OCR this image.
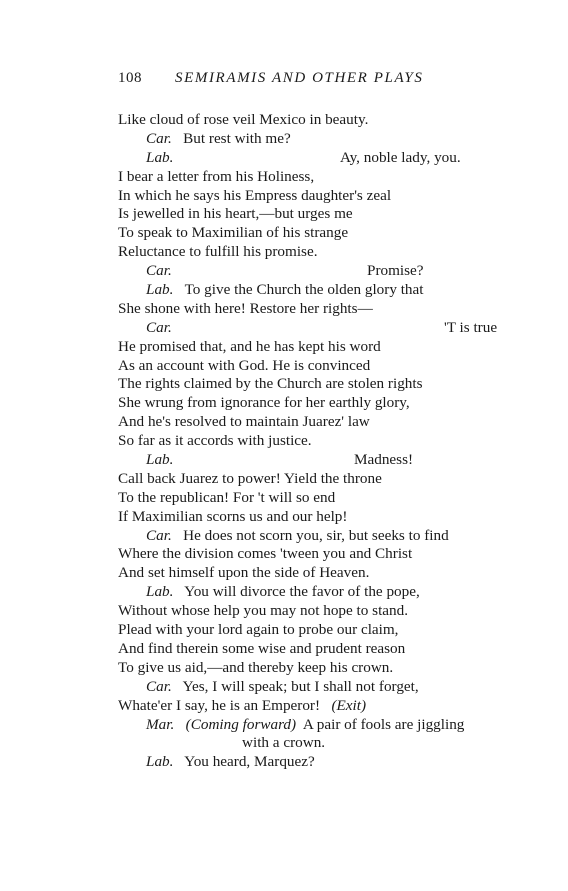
108 SEMIRAMIS AND OTHER PLAYS
Like cloud of rose veil Mexico in beauty.
Car. But rest with me?
Lab.	Ay, noble lady, you.
I bear a letter from his Holiness,
In which he says his Empress daughter's zeal
Is jewelled in his heart,—but urges me
To speak to Maximilian of his strange
Reluctance to fulfill his promise.
Car.	Promise?
Lab. To give the Church the olden glory that
She shone with here! Restore her rights—
Car.	'T is true
He promised that, and he has kept his word
As an account with God. He is convinced
The rights claimed by the Church are stolen rights
She wrung from ignorance for her earthly glory,
And he's resolved to maintain Juarez' law
So far as it accords with justice.
Lab.	Madness!
Call back Juarez to power! Yield the throne
To the republican! For 't will so end
If Maximilian scorns us and our help!
Car. He does not scorn you, sir, but seeks to find
Where the division comes 'tween you and Christ
And set himself upon the side of Heaven.
Lab. You will divorce the favor of the pope,
Without whose help you may not hope to stand.
Plead with your lord again to probe our claim,
And find therein some wise and prudent reason
To give us aid,—and thereby keep his crown.
Car. Yes, I will speak; but I shall not forget,
Whate'er I say, he is an Emperor! (Exit)
Mar. (Coming forward) A pair of fools are jiggling
with a crown.
Lab. You heard, Marquez?
